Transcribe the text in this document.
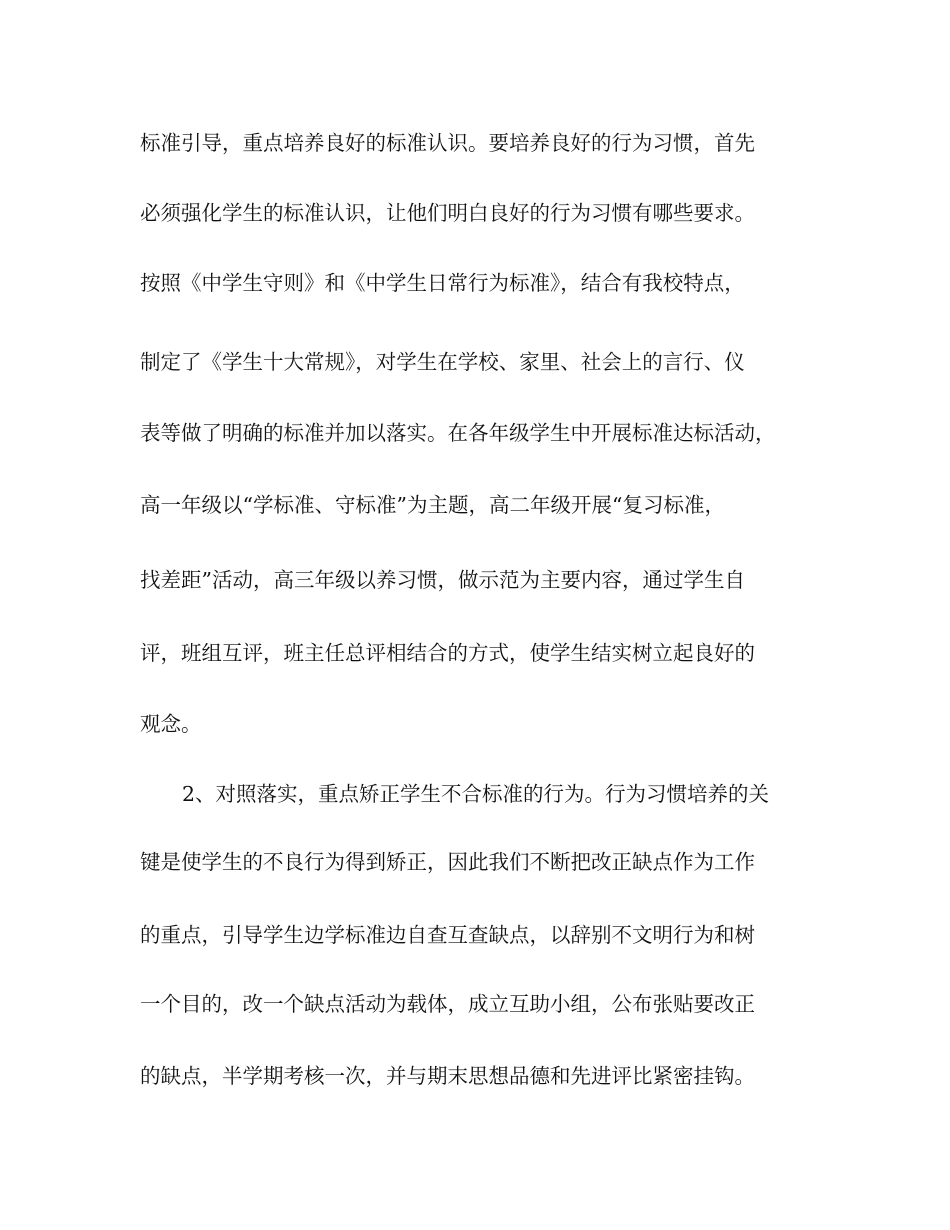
标准引导，重点培养良好的标准认识。要培养良好的行为习惯，首先
必须强化学生的标准认识，让他们明白良好的行为习惯有哪些要求。
按照《中学生守则》和《中学生日常行为标准》，结合有我校特点，
制定了《学生十大常规》，对学生在学校、家里、社会上的言行、仪
表等做了明确的标准并加以落实。在各年级学生中开展标准达标活动，
高一年级以“学标准、守标准”为主题，高二年级开展“复习标准，
找差距”活动，高三年级以养习惯，做示范为主要内容，通过学生自
评，班组互评，班主任总评相结合的方式，使学生结实树立起良好的
观念。
2、对照落实，重点矫正学生不合标准的行为。行为习惯培养的关
键是使学生的不良行为得到矫正，因此我们不断把改正缺点作为工作
的重点，引导学生边学标准边自查互查缺点，以辞别不文明行为和树
一个目的，改一个缺点活动为载体，成立互助小组，公布张贴要改正
的缺点，半学期考核一次，并与期末思想品德和先进评比紧密挂钩。
